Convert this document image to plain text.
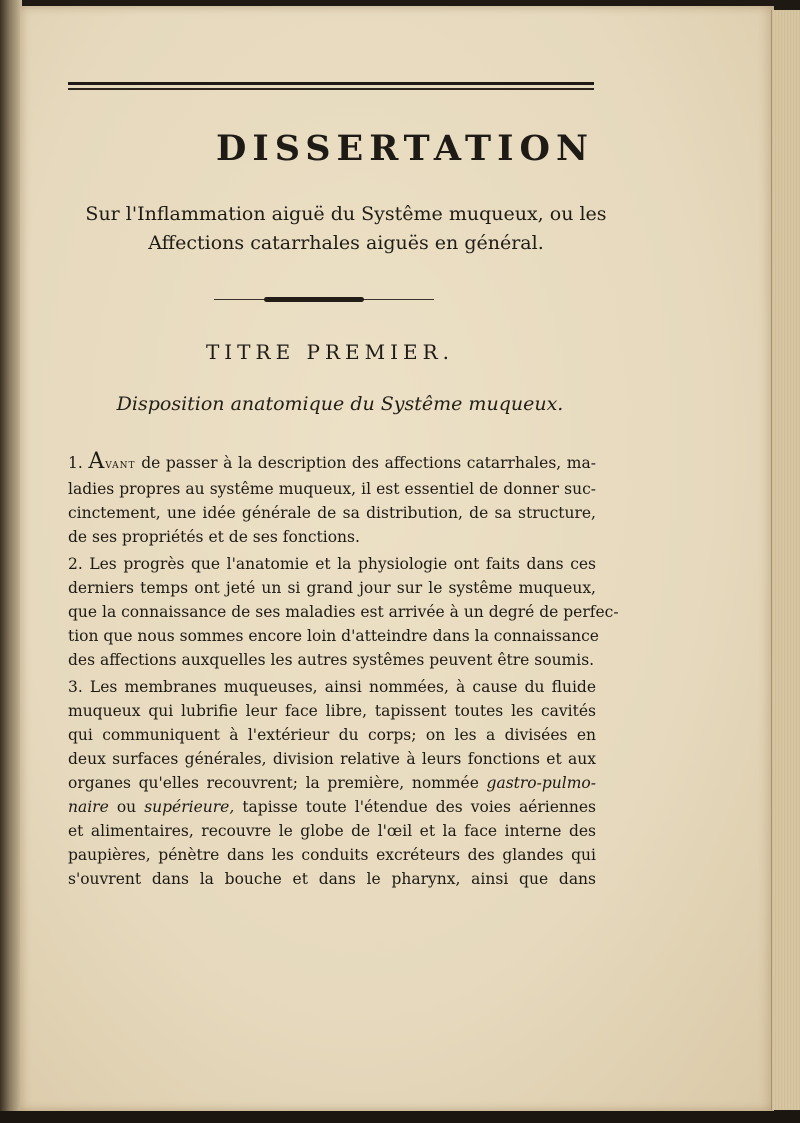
DISSERTATION
Sur l'Inflammation aiguë du Systême muqueux, ou les
Affections catarrhales aiguës en général.
TITRE PREMIER.
Disposition anatomique du Systême muqueux.

1. Avant de passer à la description des affections catarrhales, ma-
ladies propres au systême muqueux, il est essentiel de donner suc-
cinctement, une idée générale de sa distribution, de sa structure,
de ses propriétés et de ses fonctions.

2. Les progrès que l'anatomie et la physiologie ont faits dans ces
derniers temps ont jeté un si grand jour sur le systême muqueux,
que la connaissance de ses maladies est arrivée à un degré de perfec-
tion que nous sommes encore loin d'atteindre dans la connaissance
des affections auxquelles les autres systêmes peuvent être soumis.

3. Les membranes muqueuses, ainsi nommées, à cause du fluide
muqueux qui lubrifie leur face libre, tapissent toutes les cavités
qui communiquent à l'extérieur du corps; on les a divisées en
deux surfaces générales, division relative à leurs fonctions et aux
organes qu'elles recouvrent; la première, nommée gastro-pulmo-
naire ou supérieure, tapisse toute l'étendue des voies aériennes
et alimentaires, recouvre le globe de l'œil et la face interne des
paupières, pénètre dans les conduits excréteurs des glandes qui
s'ouvrent dans la bouche et dans le pharynx, ainsi que dans
